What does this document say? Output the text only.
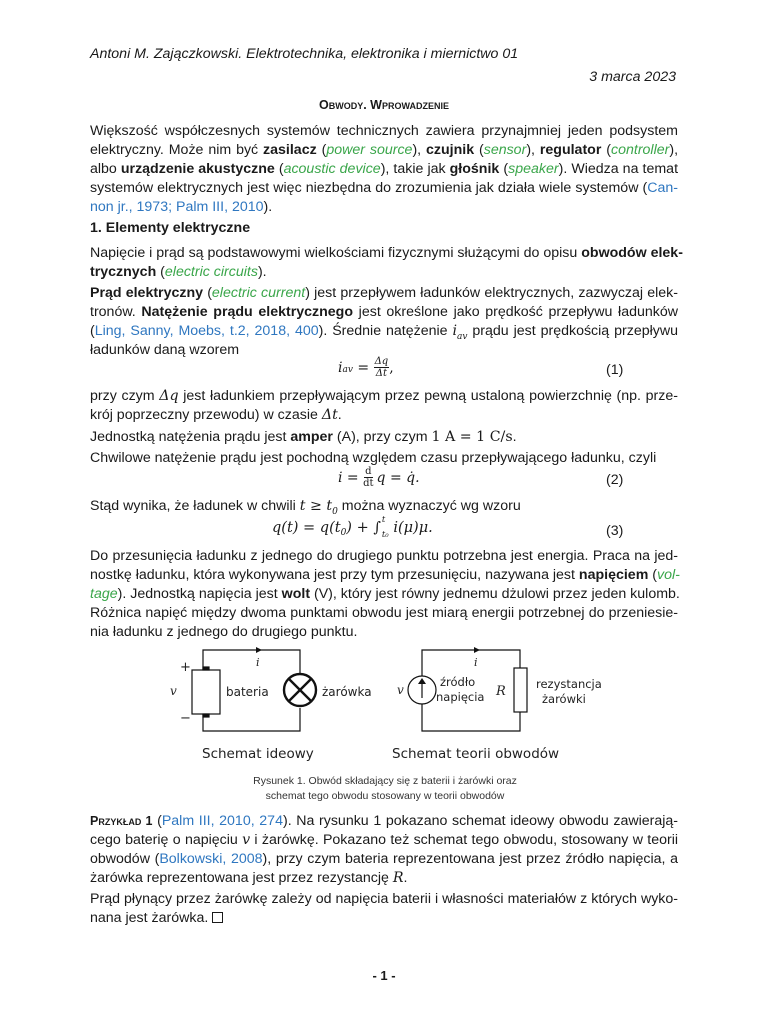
Antoni M. Zajączkowski. Elektrotechnika, elektronika i miernictwo 01
3 marca 2023
Obwody. Wprowadzenie
Większość współczesnych systemów technicznych zawiera przynajmniej jeden podsystem
elektryczny. Może nim być zasilacz (power source), czujnik (sensor), regulator (controller),
albo urządzenie akustyczne (acoustic device), takie jak głośnik (speaker). Wiedza na temat
systemów elektrycznych jest więc niezbędna do zrozumienia jak działa wiele systemów (Can-
non jr., 1973; Palm III, 2010).
1. Elementy elektryczne
Napięcie i prąd są podstawowymi wielkościami fizycznymi służącymi do opisu obwodów elek-
trycznych (electric circuits).
Prąd elektryczny (electric current) jest przepływem ładunków elektrycznych, zazwyczaj elek-
tronów. Natężenie prądu elektrycznego jest określone jako prędkość przepływu ładunków
(Ling, Sanny, Moebs, t.2, 2018, 400). Średnie natężenie $i_{av}$ prądu jest prędkością przepływu
ładunków daną wzorem
i av = $\frac{\Delta q}{\Delta t}$ ,	(1)
przy czym Δq jest ładunkiem przepływającym przez pewną ustaloną powierzchnię (np. prze-
krój poprzeczny przewodu) w czasie Δt.
Jednostką natężenia prądu jest amper (A), przy czym 1 A = 1 C/s.
Chwilowe natężenie prądu jest pochodną względem czasu przepływającego ładunku, czyli
$i = \frac{d}{dt}$ q = q̇.	(2)
Stąd wynika, że ładunek w chwili $t \ge t_0$ można wyznaczyć wg wzoru
$q(t) = q(t_0$ ) + ∫ t
t₀ i(μ)μ.	(3)
Do przesunięcia ładunku z jednego do drugiego punktu potrzebna jest energia. Praca na jed-
nostkę ładunku, która wykonywana jest przy tym przesunięciu, nazywana jest napięciem (vol-
tage). Jednostką napięcia jest wolt (V), który jest równy jednemu dżulowi przez jeden kulomb.
Różnica napięć między dwoma punktami obwodu jest miarą energii potrzebnej do przeniesie-
nia ładunku z jednego do drugiego punktu.
+
−
v
i
bateria	żarówka
Schemat ideowy
v
i
źródło
napięcia R	rezystancja
żarówki
Schemat teorii obwodów
Rysunek 1. Obwód składający się z baterii i żarówki oraz
schemat tego obwodu stosowany w teorii obwodów
Przykład 1 (Palm III, 2010, 274). Na rysunku 1 pokazano schemat ideowy obwodu zawierają-
cego baterię o napięciu v i żarówkę. Pokazano też schemat tego obwodu, stosowany w teorii
obwodów (Bolkowski, 2008), przy czym bateria reprezentowana jest przez źródło napięcia, a
żarówka reprezentowana jest przez rezystancję R.
Prąd płynący przez żarówkę zależy od napięcia baterii i własności materiałów z których wyko-
nana jest żarówka.
- 1 -
